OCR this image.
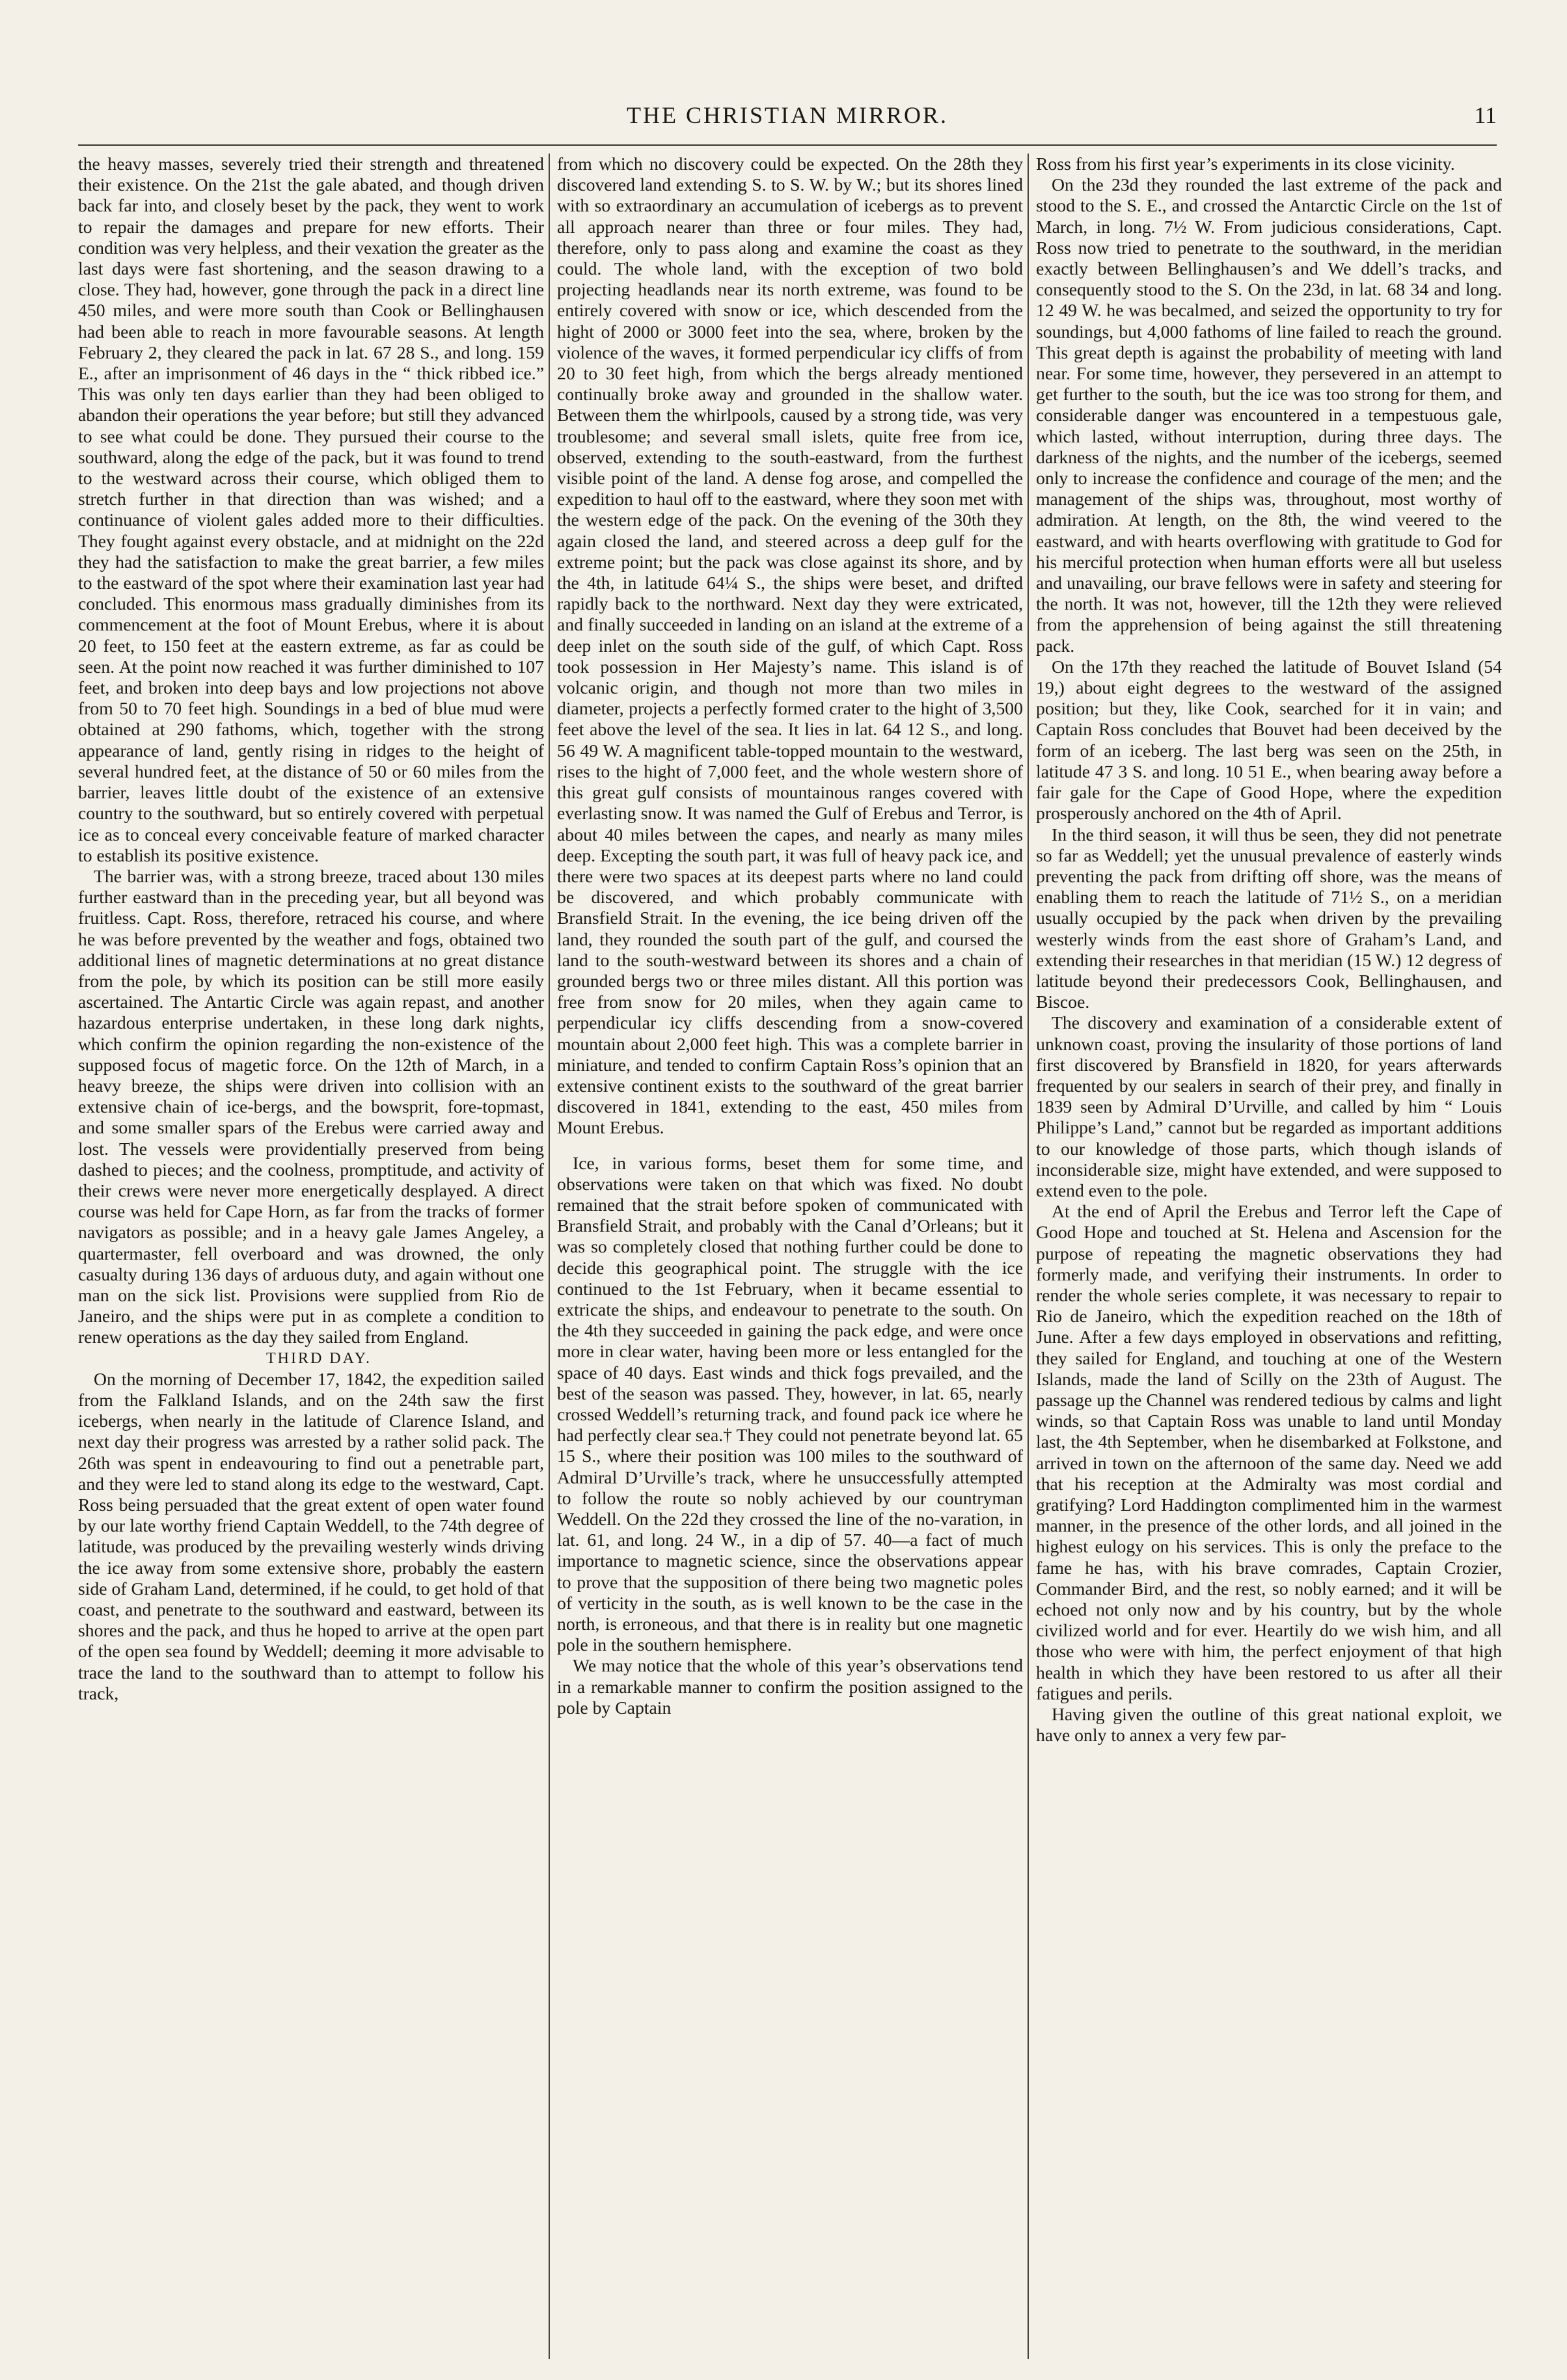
THE CHRISTIAN MIRROR.	11

the heavy masses, severely tried their strength and threatened their existence. On the 21st the gale abated, and though driven back far into, and closely beset by the pack, they went to work to repair the damages and prepare for new efforts. Their condition was very helpless, and their vexation the greater as the last days were fast shortening, and the season drawing to a close. They had, however, gone through the pack in a direct line 450 miles, and were more south than Cook or Bellinghausen had been able to reach in more favourable seasons. At length February 2, they cleared the pack in lat. 67 28 S., and long. 159 E., after an imprisonment of 46 days in the “ thick ribbed ice.” This was only ten days earlier than they had been obliged to abandon their operations the year before; but still they advanced to see what could be done. They pursued their course to the southward, along the edge of the pack, but it was found to trend to the westward across their course, which obliged them to stretch further in that direction than was wished; and a continuance of violent gales added more to their difficulties. They fought against every obstacle, and at midnight on the 22d they had the satisfaction to make the great barrier, a few miles to the eastward of the spot where their examination last year had concluded. This enormous mass gradually diminishes from its commencement at the foot of Mount Erebus, where it is about 20 feet, to 150 feet at the eastern extreme, as far as could be seen. At the point now reached it was further diminished to 107 feet, and broken into deep bays and low projections not above from 50 to 70 feet high. Soundings in a bed of blue mud were obtained at 290 fathoms, which, together with the strong appearance of land, gently rising in ridges to the height of several hundred feet, at the distance of 50 or 60 miles from the barrier, leaves little doubt of the existence of an extensive country to the southward, but so entirely covered with perpetual ice as to conceal every conceivable feature of marked character to establish its positive existence.

The barrier was, with a strong breeze, traced about 130 miles further eastward than in the preceding year, but all beyond was fruitless. Capt. Ross, therefore, retraced his course, and where he was before prevented by the weather and fogs, obtained two additional lines of magnetic determinations at no great distance from the pole, by which its position can be still more easily ascertained. The Antartic Circle was again repast, and another hazardous enterprise undertaken, in these long dark nights, which confirm the opinion regarding the non-existence of the supposed focus of magetic force. On the 12th of March, in a heavy breeze, the ships were driven into collision with an extensive chain of ice-bergs, and the bowsprit, fore-topmast, and some smaller spars of the Erebus were carried away and lost. The vessels were providentially preserved from being dashed to pieces; and the coolness, promptitude, and activity of their crews were never more energetically desplayed. A direct course was held for Cape Horn, as far from the tracks of former navigators as possible; and in a heavy gale James Angeley, a quartermaster, fell overboard and was drowned, the only casualty during 136 days of arduous duty, and again without one man on the sick list. Provisions were supplied from Rio de Janeiro, and the ships were put in as complete a condition to renew operations as the day they sailed from England.

THIRD DAY.

On the morning of December 17, 1842, the expedition sailed from the Falkland Islands, and on the 24th saw the first icebergs, when nearly in the latitude of Clarence Island, and next day their progress was arrested by a rather solid pack. The 26th was spent in endeavouring to find out a penetrable part, and they were led to stand along its edge to the westward, Capt. Ross being persuaded that the great extent of open water found by our late worthy friend Captain Weddell, to the 74th degree of latitude, was produced by the prevailing westerly winds driving the ice away from some extensive shore, probably the eastern side of Graham Land, determined, if he could, to get hold of that coast, and penetrate to the southward and eastward, between its shores and the pack, and thus he hoped to arrive at the open part of the open sea found by Weddell; deeming it more advisable to trace the land to the southward than to attempt to follow his track,

from which no discovery could be expected. On the 28th they discovered land extending S. to S. W. by W.; but its shores lined with so extraordinary an accumulation of icebergs as to prevent all approach nearer than three or four miles. They had, therefore, only to pass along and examine the coast as they could. The whole land, with the exception of two bold projecting headlands near its north extreme, was found to be entirely covered with snow or ice, which descended from the hight of 2000 or 3000 feet into the sea, where, broken by the violence of the waves, it formed perpendicular icy cliffs of from 20 to 30 feet high, from which the bergs already mentioned continually broke away and grounded in the shallow water. Between them the whirlpools, caused by a strong tide, was very troublesome; and several small islets, quite free from ice, observed, extending to the south-eastward, from the furthest visible point of the land. A dense fog arose, and compelled the expedition to haul off to the eastward, where they soon met with the western edge of the pack. On the evening of the 30th they again closed the land, and steered across a deep gulf for the extreme point; but the pack was close against its shore, and by the 4th, in latitude 64¼ S., the ships were beset, and drifted rapidly back to the northward. Next day they were extricated, and finally succeeded in landing on an island at the extreme of a deep inlet on the south side of the gulf, of which Capt. Ross took possession in Her Majesty’s name. This island is of volcanic origin, and though not more than two miles in diameter, projects a perfectly formed crater to the hight of 3,500 feet above the level of the sea. It lies in lat. 64 12 S., and long. 56 49 W. A magnificent table-topped mountain to the westward, rises to the hight of 7,000 feet, and the whole western shore of this great gulf consists of mountainous ranges covered with everlasting snow. It was named the Gulf of Erebus and Terror, is about 40 miles between the capes, and nearly as many miles deep. Excepting the south part, it was full of heavy pack ice, and there were two spaces at its deepest parts where no land could be discovered, and which probably communicate with Bransfield Strait. In the evening, the ice being driven off the land, they rounded the south part of the gulf, and coursed the land to the south-westward between its shores and a chain of grounded bergs two or three miles distant. All this portion was free from snow for 20 miles, when they again came to perpendicular icy cliffs descending from a snow-covered mountain about 2,000 feet high. This was a complete barrier in miniature, and tended to confirm Captain Ross’s opinion that an extensive continent exists to the southward of the great barrier discovered in 1841, extending to the east, 450 miles from Mount Erebus.

Ice, in various forms, beset them for some time, and observations were taken on that which was fixed. No doubt remained that the strait before spoken of communicated with Bransfield Strait, and probably with the Canal d’Orleans; but it was so completely closed that nothing further could be done to decide this geographical point. The struggle with the ice continued to the 1st February, when it became essential to extricate the ships, and endeavour to penetrate to the south. On the 4th they succeeded in gaining the pack edge, and were once more in clear water, having been more or less entangled for the space of 40 days. East winds and thick fogs prevailed, and the best of the season was passed. They, however, in lat. 65, nearly crossed Weddell’s returning track, and found pack ice where he had perfectly clear sea.† They could not penetrate beyond lat. 65 15 S., where their position was 100 miles to the southward of Admiral D’Urville’s track, where he unsuccessfully attempted to follow the route so nobly achieved by our countryman Weddell. On the 22d they crossed the line of the no-varation, in lat. 61, and long. 24 W., in a dip of 57. 40—a fact of much importance to magnetic science, since the observations appear to prove that the supposition of there being two magnetic poles of verticity in the south, as is well known to be the case in the north, is erroneous, and that there is in reality but one magnetic pole in the southern hemisphere.

We may notice that the whole of this year’s observations tend in a remarkable manner to confirm the position assigned to the pole by Captain

Ross from his first year’s experiments in its close vicinity.

On the 23d they rounded the last extreme of the pack and stood to the S. E., and crossed the Antarctic Circle on the 1st of March, in long. 7½ W. From judicious considerations, Capt. Ross now tried to penetrate to the southward, in the meridian exactly between Bellinghausen’s and We ddell’s tracks, and consequently stood to the S. On the 23d, in lat. 68 34 and long. 12 49 W. he was becalmed, and seized the opportunity to try for soundings, but 4,000 fathoms of line failed to reach the ground. This great depth is against the probability of meeting with land near. For some time, however, they persevered in an attempt to get further to the south, but the ice was too strong for them, and considerable danger was encountered in a tempestuous gale, which lasted, without interruption, during three days. The darkness of the nights, and the number of the icebergs, seemed only to increase the confidence and courage of the men; and the management of the ships was, throughout, most worthy of admiration. At length, on the 8th, the wind veered to the eastward, and with hearts overflowing with gratitude to God for his merciful protection when human efforts were all but useless and unavailing, our brave fellows were in safety and steering for the north. It was not, however, till the 12th they were relieved from the apprehension of being against the still threatening pack.

On the 17th they reached the latitude of Bouvet Island (54 19,) about eight degrees to the westward of the assigned position; but they, like Cook, searched for it in vain; and Captain Ross concludes that Bouvet had been deceived by the form of an iceberg. The last berg was seen on the 25th, in latitude 47 3 S. and long. 10 51 E., when bearing away before a fair gale for the Cape of Good Hope, where the expedition prosperously anchored on the 4th of April.

In the third season, it will thus be seen, they did not penetrate so far as Weddell; yet the unusual prevalence of easterly winds preventing the pack from drifting off shore, was the means of enabling them to reach the latitude of 71½ S., on a meridian usually occupied by the pack when driven by the prevailing westerly winds from the east shore of Graham’s Land, and extending their researches in that meridian (15 W.) 12 degress of latitude beyond their predecessors Cook, Bellinghausen, and Biscoe.

The discovery and examination of a considerable extent of unknown coast, proving the insularity of those portions of land first discovered by Bransfield in 1820, for years afterwards frequented by our sealers in search of their prey, and finally in 1839 seen by Admiral D’Urville, and called by him “ Louis Philippe’s Land,” cannot but be regarded as important additions to our knowledge of those parts, which though islands of inconsiderable size, might have extended, and were supposed to extend even to the pole.

At the end of April the Erebus and Terror left the Cape of Good Hope and touched at St. Helena and Ascension for the purpose of repeating the magnetic observations they had formerly made, and verifying their instruments. In order to render the whole series complete, it was necessary to repair to Rio de Janeiro, which the expedition reached on the 18th of June. After a few days employed in observations and refitting, they sailed for England, and touching at one of the Western Islands, made the land of Scilly on the 23th of August. The passage up the Channel was rendered tedious by calms and light winds, so that Captain Ross was unable to land until Monday last, the 4th September, when he disembarked at Folkstone, and arrived in town on the afternoon of the same day. Need we add that his reception at the Admiralty was most cordial and gratifying? Lord Haddington complimented him in the warmest manner, in the presence of the other lords, and all joined in the highest eulogy on his services. This is only the preface to the fame he has, with his brave comrades, Captain Crozier, Commander Bird, and the rest, so nobly earned; and it will be echoed not only now and by his country, but by the whole civilized world and for ever. Heartily do we wish him, and all those who were with him, the perfect enjoyment of that high health in which they have been restored to us after all their fatigues and perils.

Having given the outline of this great national exploit, we have only to annex a very few par-
